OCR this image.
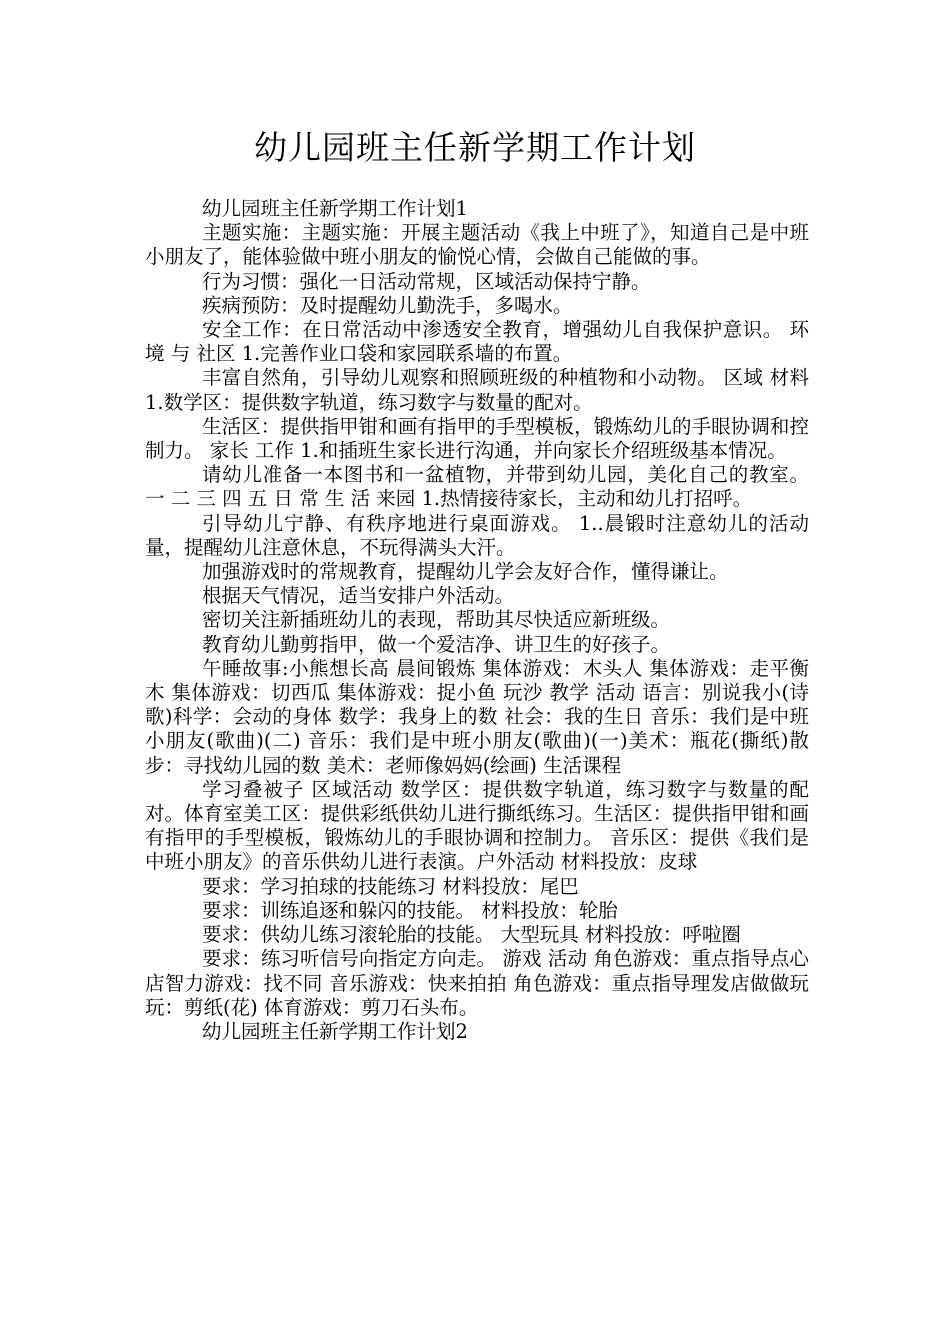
幼儿园班主任新学期工作计划

幼儿园班主任新学期工作计划1

主题实施：主题实施：开展主题活动《我上中班了》，知道自己是中班小朋友了，能体验做中班小朋友的愉悦心情，会做自己能做的事。

行为习惯：强化一日活动常规，区域活动保持宁静。

疾病预防：及时提醒幼儿勤洗手，多喝水。

安全工作：在日常活动中渗透安全教育，增强幼儿自我保护意识。 环境 与 社区 1.完善作业口袋和家园联系墙的布置。

丰富自然角，引导幼儿观察和照顾班级的种植物和小动物。 区域 材料 1.数学区：提供数字轨道，练习数字与数量的配对。

生活区：提供指甲钳和画有指甲的手型模板，锻炼幼儿的手眼协调和控制力。 家长 工作 1.和插班生家长进行沟通，并向家长介绍班级基本情况。

请幼儿准备一本图书和一盆植物，并带到幼儿园，美化自己的教室。 一 二 三 四 五 日 常 生 活 来园 1.热情接待家长，主动和幼儿打招呼。

引导幼儿宁静、有秩序地进行桌面游戏。 1..晨锻时注意幼儿的活动量，提醒幼儿注意休息，不玩得满头大汗。

加强游戏时的常规教育，提醒幼儿学会友好合作，懂得谦让。

根据天气情况，适当安排户外活动。

密切关注新插班幼儿的表现，帮助其尽快适应新班级。

教育幼儿勤剪指甲，做一个爱洁净、讲卫生的好孩子。

午睡故事:小熊想长高 晨间锻炼 集体游戏：木头人 集体游戏：走平衡木 集体游戏：切西瓜 集体游戏：捉小鱼 玩沙 教学 活动 语言：别说我小(诗歌)科学：会动的身体 数学：我身上的数 社会：我的生日 音乐：我们是中班小朋友(歌曲)(二) 音乐：我们是中班小朋友(歌曲)(一)美术：瓶花(撕纸)散步：寻找幼儿园的数 美术：老师像妈妈(绘画) 生活课程

学习叠被子 区域活动 数学区：提供数字轨道，练习数字与数量的配对。体育室美工区：提供彩纸供幼儿进行撕纸练习。生活区：提供指甲钳和画有指甲的手型模板，锻炼幼儿的手眼协调和控制力。 音乐区：提供《我们是中班小朋友》的音乐供幼儿进行表演。户外活动 材料投放：皮球

要求：学习拍球的技能练习 材料投放：尾巴

要求：训练追逐和躲闪的技能。 材料投放：轮胎

要求：供幼儿练习滚轮胎的技能。 大型玩具 材料投放：呼啦圈

要求：练习听信号向指定方向走。 游戏 活动 角色游戏：重点指导点心店智力游戏：找不同 音乐游戏：快来拍拍 角色游戏：重点指导理发店做做玩玩：剪纸(花) 体育游戏：剪刀石头布。

幼儿园班主任新学期工作计划2
